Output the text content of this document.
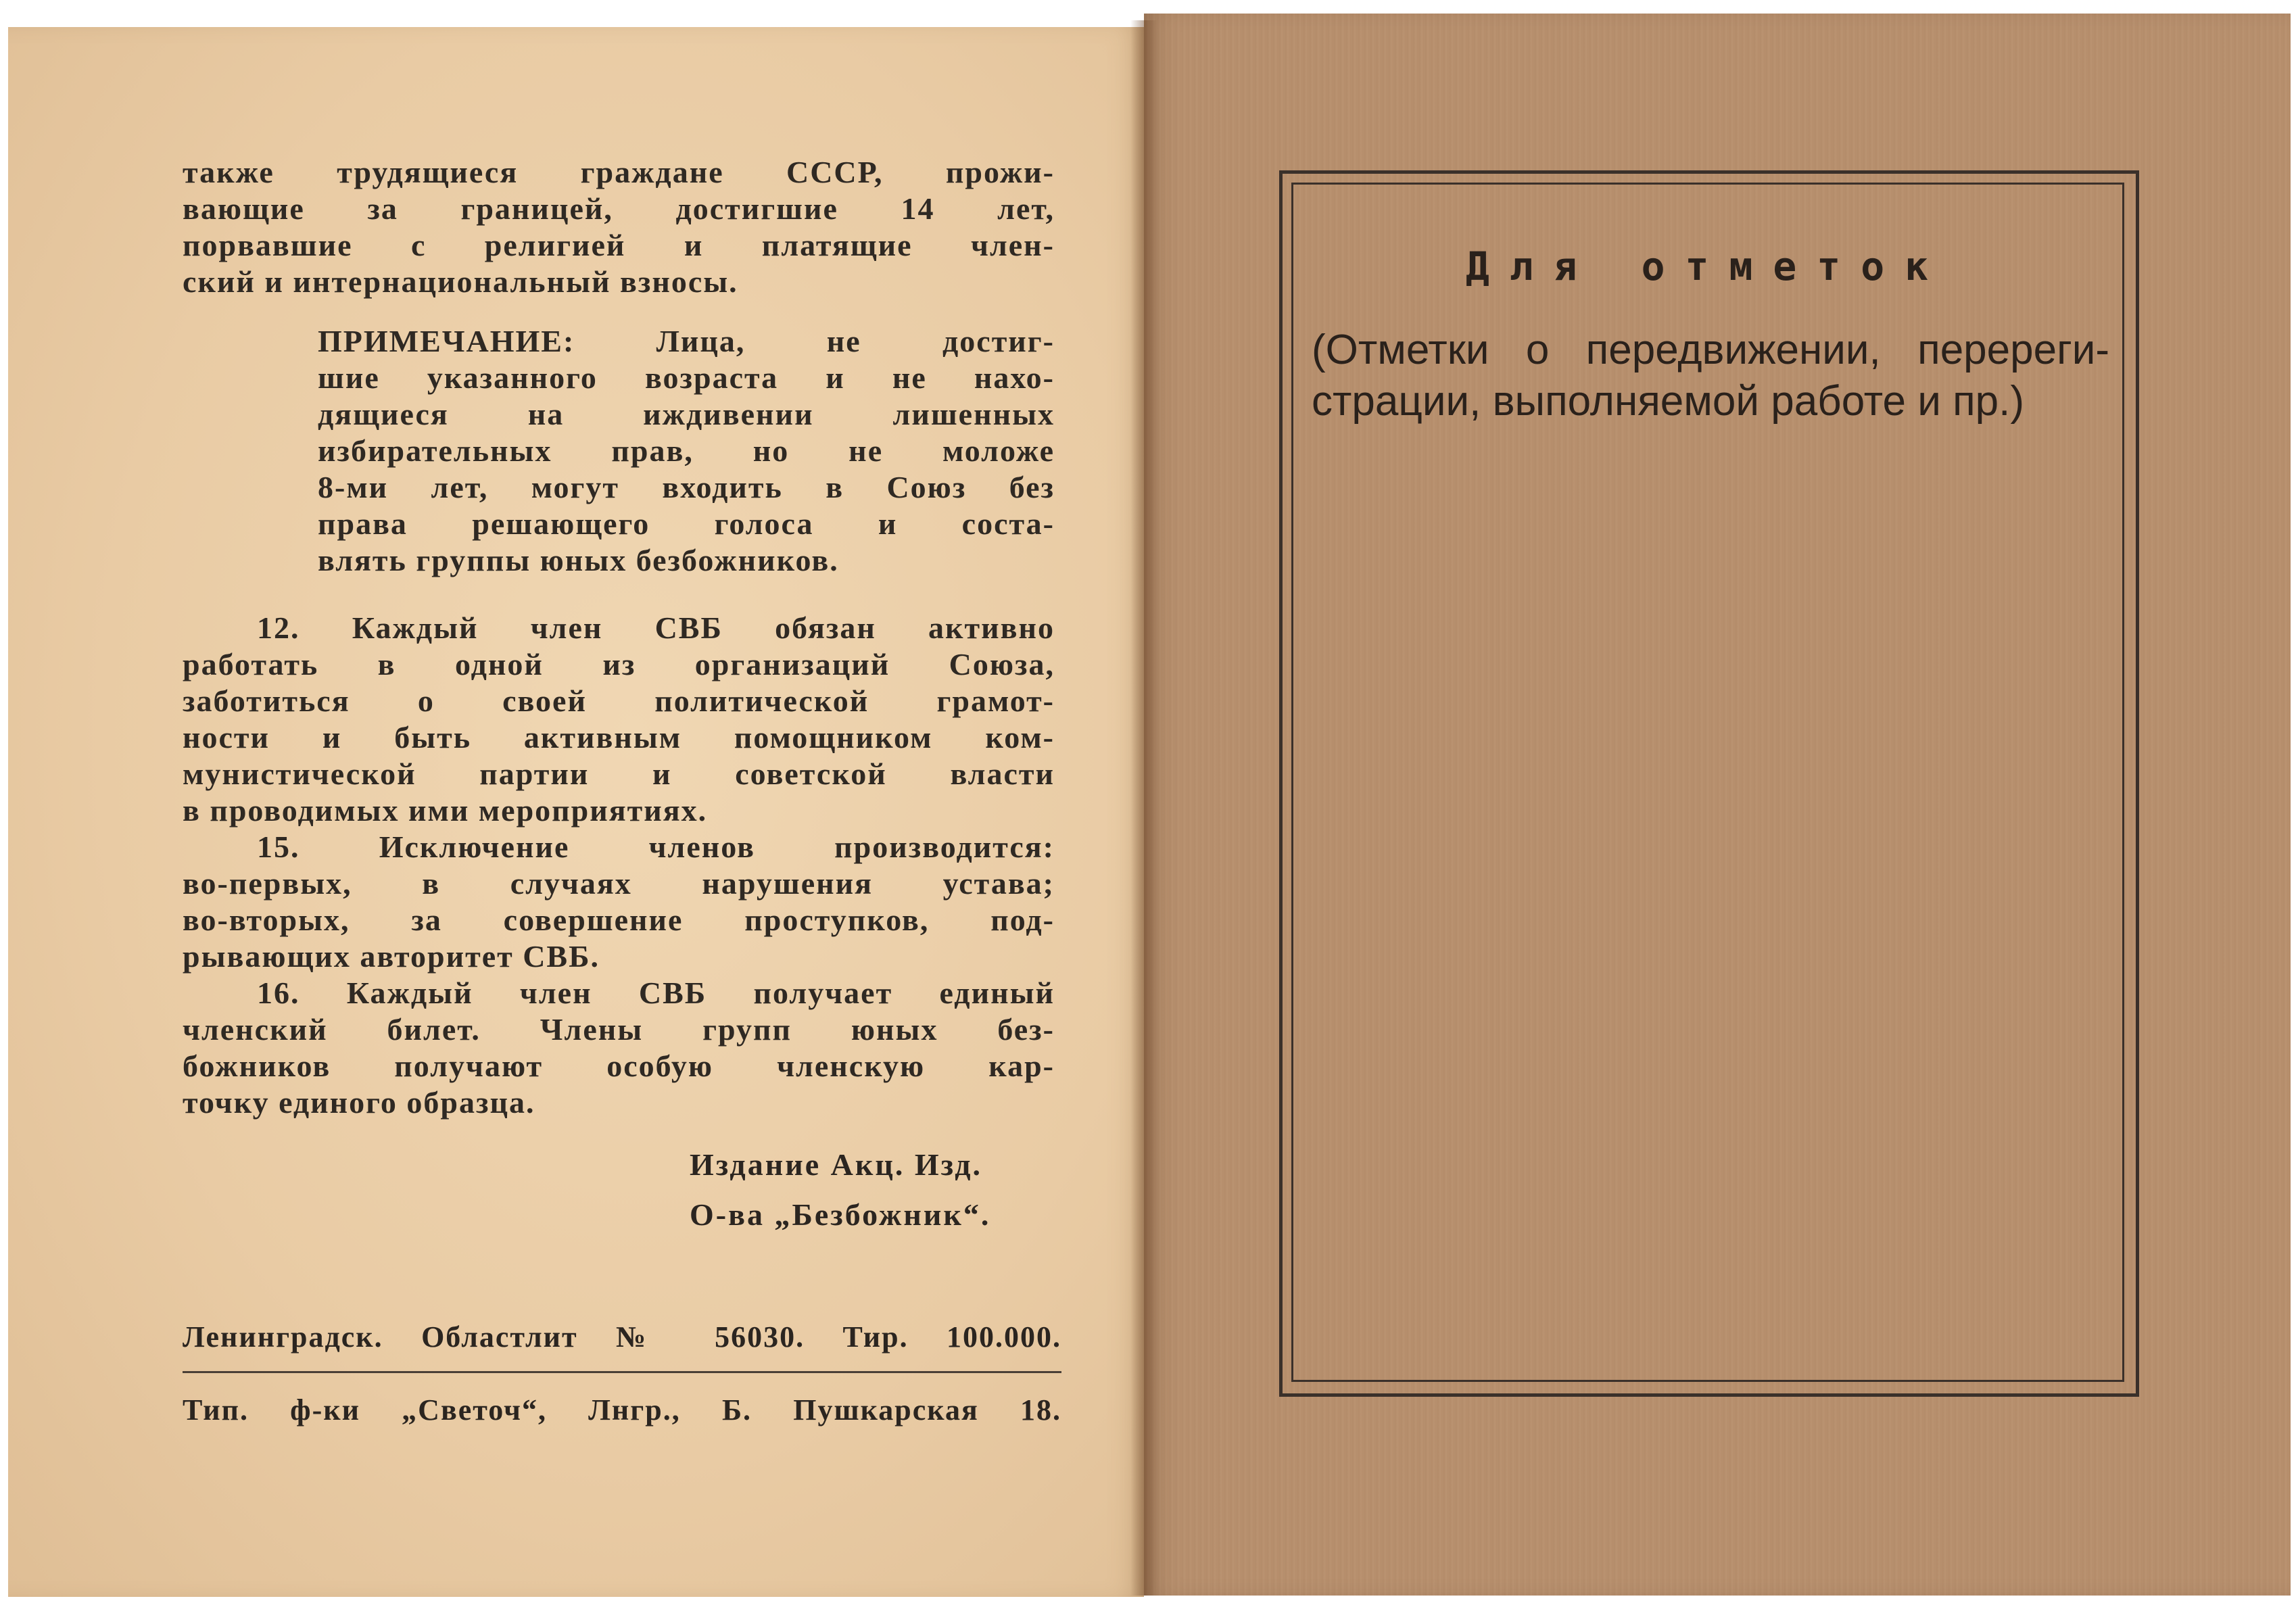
также трудящиеся граждане СССР, прожи-
вающие за границей, достигшие 14 лет,
порвавшие с религией и платящие член-
ский и интернациональный взносы.
ПРИМЕЧАНИЕ: Лица, не достиг-
шие указанного возраста и не нахо-
дящиеся на иждивении лишенных
избирательных прав, но не моложе
8-ми лет, могут входить в Союз без
права решающего голоса и соста-
влять группы юных безбожников.
12. Каждый член СВБ обязан активно
работать в одной из организаций Союза,
заботиться о своей политической грамот-
ности и быть активным помощником ком-
мунистической партии и советской власти
в проводимых ими мероприятиях.
15. Исключение членов производится:
во-первых, в случаях нарушения устава;
во-вторых, за совершение проступков, под-
рывающих авторитет СВБ.
16. Каждый член СВБ получает единый
членский билет. Члены групп юных без-
божников получают особую членскую кар-
точку единого образца.
Издание Акц. Изд.
О-ва „Безбожник“.
Ленинградск. Областлит № 56030. Тир. 100.000.
Тип. ф-ки „Светоч“, Лнгр., Б. Пушкарская 18.
Для отметок
(Отметки о передвижении, перереги-
страции, выполняемой работе и пр.)
